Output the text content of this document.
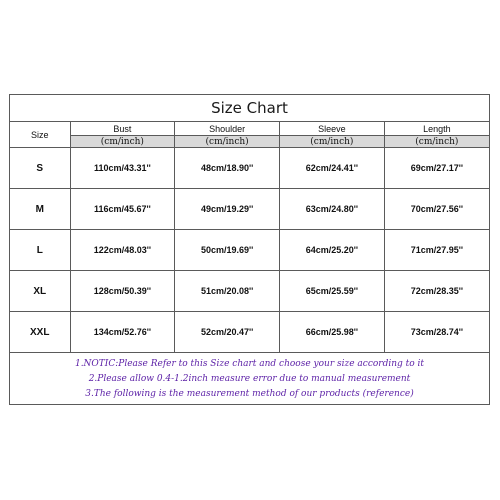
Size Chart
Size	Bust	Shoulder	Sleeve	Length
	(cm/inch)	(cm/inch)	(cm/inch)	(cm/inch)
S	110cm/43.31''	48cm/18.90''	62cm/24.41''	69cm/27.17''
M	116cm/45.67''	49cm/19.29''	63cm/24.80''	70cm/27.56''
L	122cm/48.03''	50cm/19.69''	64cm/25.20''	71cm/27.95''
XL	128cm/50.39''	51cm/20.08''	65cm/25.59''	72cm/28.35''
XXL	134cm/52.76''	52cm/20.47''	66cm/25.98''	73cm/28.74''
1.NOTIC:Please Refer to this Size chart and choose your size according to it
2.Please allow 0.4-1.2inch measure error due to manual measurement
3.The following is the measurement method of our products (reference)
